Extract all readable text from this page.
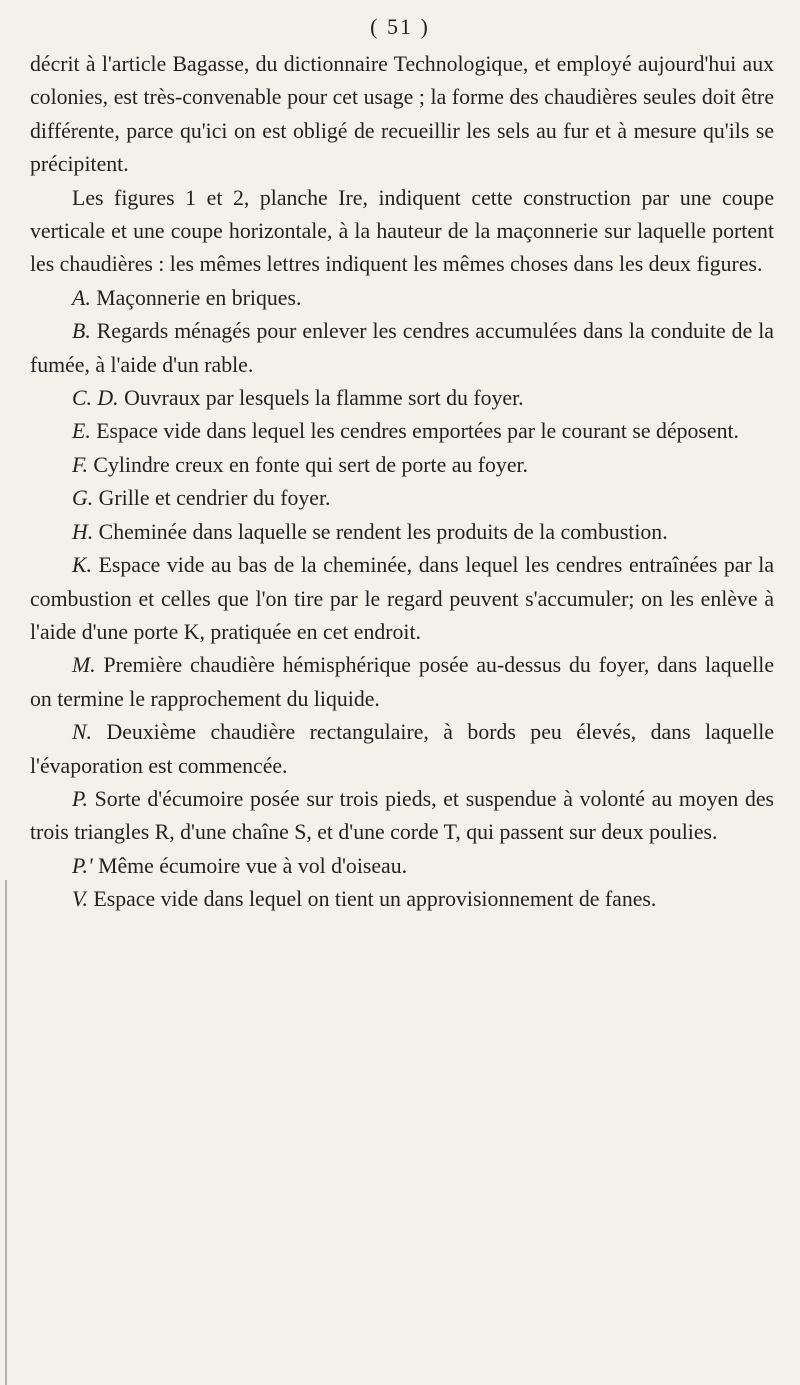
( 51 )

décrit à l'article Bagasse, du dictionnaire Technologique, et employé aujourd'hui aux colonies, est très-convenable pour cet usage ; la forme des chaudières seules doit être différente, parce qu'ici on est obligé de recueillir les sels au fur et à mesure qu'ils se précipitent.

Les figures 1 et 2, planche Ire, indiquent cette construction par une coupe verticale et une coupe horizontale, à la hauteur de la maçonnerie sur laquelle portent les chaudières : les mêmes lettres indiquent les mêmes choses dans les deux figures.

A. Maçonnerie en briques.

B. Regards ménagés pour enlever les cendres accumulées dans la conduite de la fumée, à l'aide d'un rable.

C. D. Ouvraux par lesquels la flamme sort du foyer.

E. Espace vide dans lequel les cendres emportées par le courant se déposent.

F. Cylindre creux en fonte qui sert de porte au foyer.

G. Grille et cendrier du foyer.

H. Cheminée dans laquelle se rendent les produits de la combustion.

K. Espace vide au bas de la cheminée, dans lequel les cendres entraînées par la combustion et celles que l'on tire par le regard peuvent s'accumuler; on les enlève à l'aide d'une porte K, pratiquée en cet endroit.

M. Première chaudière hémisphérique posée au-dessus du foyer, dans laquelle on termine le rapprochement du liquide.

N. Deuxième chaudière rectangulaire, à bords peu élevés, dans laquelle l'évaporation est commencée.

P. Sorte d'écumoire posée sur trois pieds, et suspendue à volonté au moyen des trois triangles R, d'une chaîne S, et d'une corde T, qui passent sur deux poulies.

P.' Même écumoire vue à vol d'oiseau.

V. Espace vide dans lequel on tient un approvisionnement de fanes.
